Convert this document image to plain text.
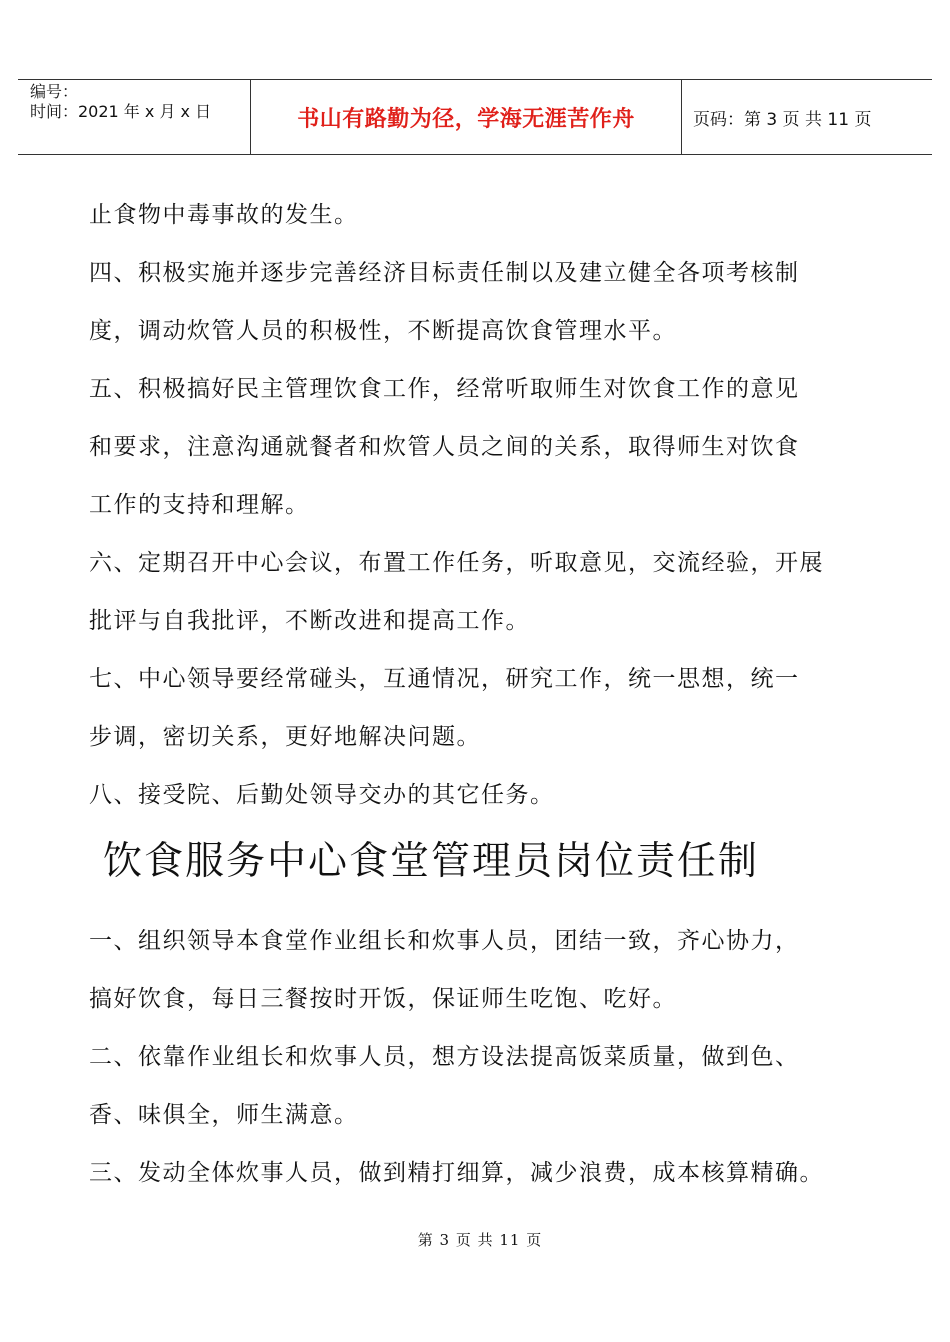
编号：
时间：2021 年 x 月 x 日	书山有路勤为径，学海无涯苦作舟	页码：第 3 页 共 11 页
止食物中毒事故的发生。
四、积极实施并逐步完善经济目标责任制以及建立健全各项考核制
度，调动炊管人员的积极性，不断提高饮食管理水平。
五、积极搞好民主管理饮食工作，经常听取师生对饮食工作的意见
和要求，注意沟通就餐者和炊管人员之间的关系，取得师生对饮食
工作的支持和理解。
六、定期召开中心会议，布置工作任务，听取意见，交流经验，开展
批评与自我批评，不断改进和提高工作。
七、中心领导要经常碰头，互通情况，研究工作，统一思想，统一
步调，密切关系，更好地解决问题。
八、接受院、后勤处领导交办的其它任务。
饮食服务中心食堂管理员岗位责任制
一、组织领导本食堂作业组长和炊事人员，团结一致，齐心协力，
搞好饮食，每日三餐按时开饭，保证师生吃饱、吃好。
二、依靠作业组长和炊事人员，想方设法提高饭菜质量，做到色、
香、味俱全，师生满意。
三、发动全体炊事人员，做到精打细算，减少浪费，成本核算精确。
第 3 页 共 11 页
